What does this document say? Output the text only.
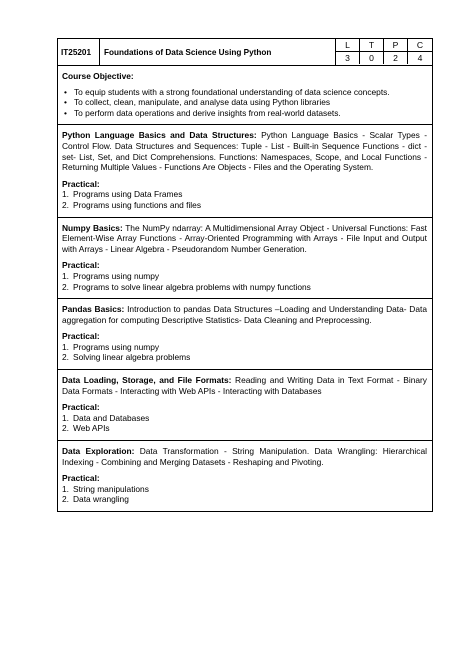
IT25201	Foundations of Data Science Using Python
L	T	P	C
3	0	2	4
Course Objective:
• To equip students with a strong foundational understanding of data science concepts.
• To collect, clean, manipulate, and analyse data using Python libraries
• To perform data operations and derive insights from real-world datasets.

Python Language Basics and Data Structures: Python Language Basics - Scalar Types - Control Flow. Data Structures and Sequences: Tuple - List - Built-in Sequence Functions - dict - set- List, Set, and Dict Comprehensions. Functions: Namespaces, Scope, and Local Functions - Returning Multiple Values - Functions Are Objects - Files and the Operating System.

Practical:
1. Programs using Data Frames
2. Programs using functions and files

Numpy Basics: The NumPy ndarray: A Multidimensional Array Object - Universal Functions: Fast Element-Wise Array Functions - Array-Oriented Programming with Arrays - File Input and Output with Arrays - Linear Algebra - Pseudorandom Number Generation.

Practical:
1. Programs using numpy
2. Programs to solve linear algebra problems with numpy functions

Pandas Basics: Introduction to pandas Data Structures –Loading and Understanding Data- Data aggregation for computing Descriptive Statistics- Data Cleaning and Preprocessing.

Practical:
1. Programs using numpy
2. Solving linear algebra problems

Data Loading, Storage, and File Formats: Reading and Writing Data in Text Format - Binary Data Formats - Interacting with Web APIs - Interacting with Databases

Practical:
1. Data and Databases
2. Web APIs

Data Exploration: Data Transformation - String Manipulation. Data Wrangling: Hierarchical Indexing - Combining and Merging Datasets - Reshaping and Pivoting.

Practical:
1. String manipulations
2. Data wrangling
